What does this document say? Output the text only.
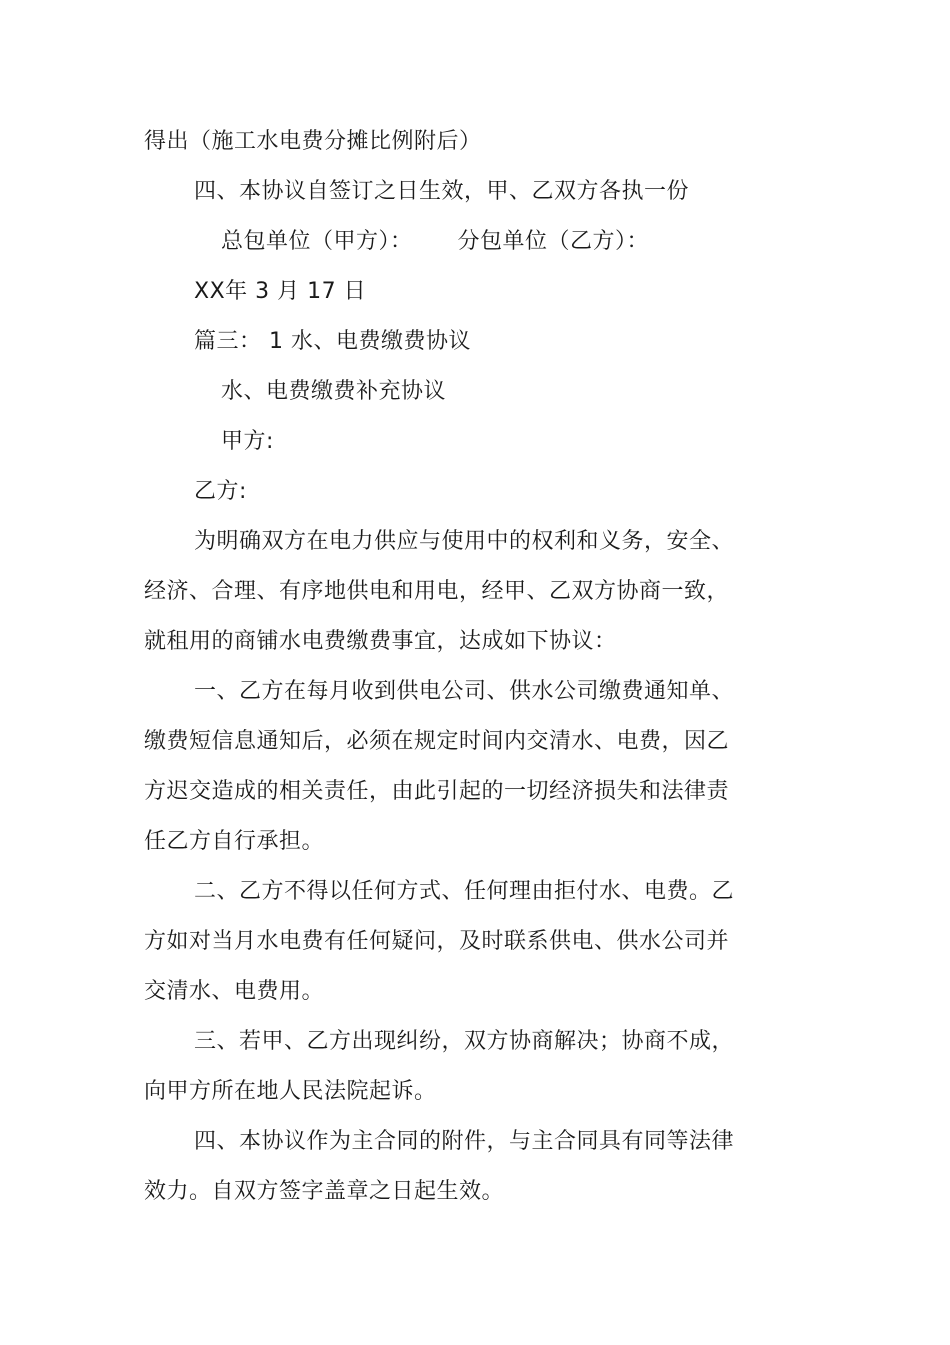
得出（施工水电费分摊比例附后）
四、本协议自签订之日生效，甲、乙双方各执一份
总包单位（甲方）：      分包单位（乙方）：
XX年 3 月 17 日
篇三： 1 水、电费缴费协议
水、电费缴费补充协议
甲方:
乙方:
为明确双方在电力供应与使用中的权利和义务，安全、
经济、合理、有序地供电和用电，经甲、乙双方协商一致，
就租用的商铺水电费缴费事宜，达成如下协议：
一、乙方在每月收到供电公司、供水公司缴费通知单、
缴费短信息通知后，必须在规定时间内交清水、电费，因乙
方迟交造成的相关责任，由此引起的一切经济损失和法律责
任乙方自行承担。
二、乙方不得以任何方式、任何理由拒付水、电费。乙
方如对当月水电费有任何疑问，及时联系供电、供水公司并
交清水、电费用。
三、若甲、乙方出现纠纷，双方协商解决；协商不成，
向甲方所在地人民法院起诉。
四、本协议作为主合同的附件，与主合同具有同等法律
效力。自双方签字盖章之日起生效。
